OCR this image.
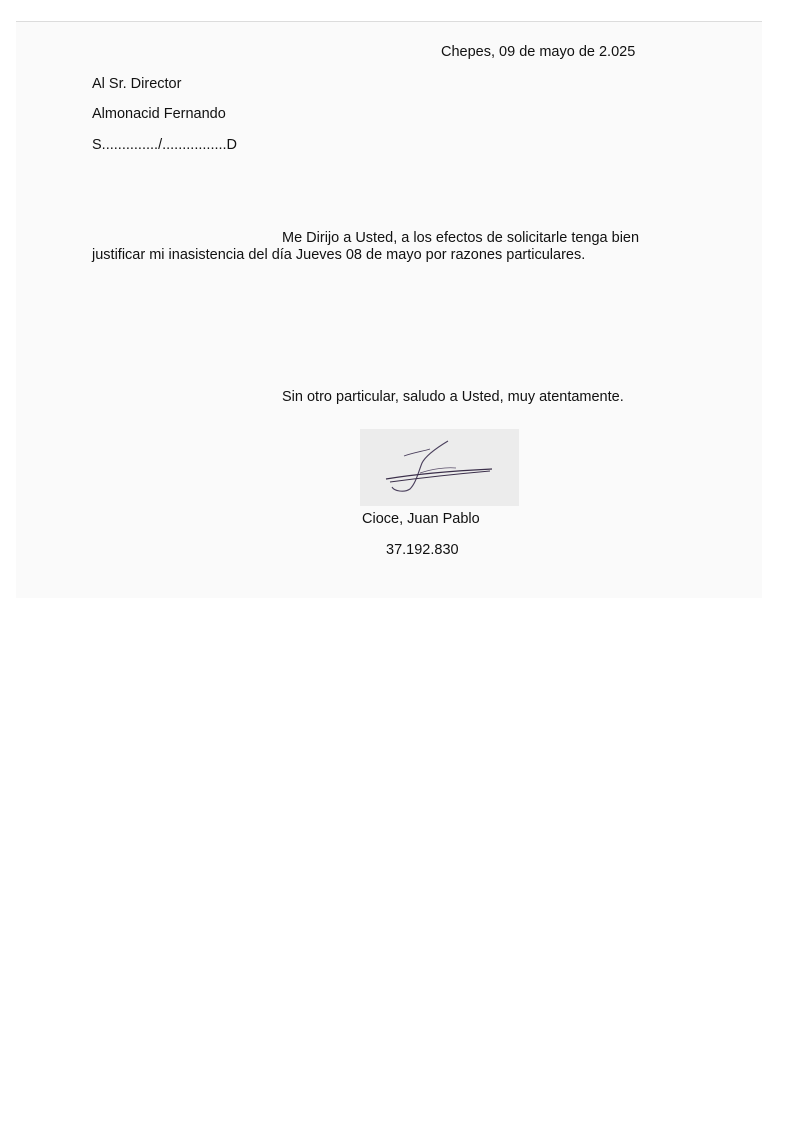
Chepes, 09 de mayo de 2.025
Al Sr. Director
Almonacid Fernando
S............../................D
Me Dirijo a Usted, a los efectos de solicitarle tenga bien justificar mi inasistencia del día Jueves 08 de mayo por razones particulares.
Sin otro particular, saludo a Usted, muy atentamente.
Cioce, Juan Pablo
37.192.830
